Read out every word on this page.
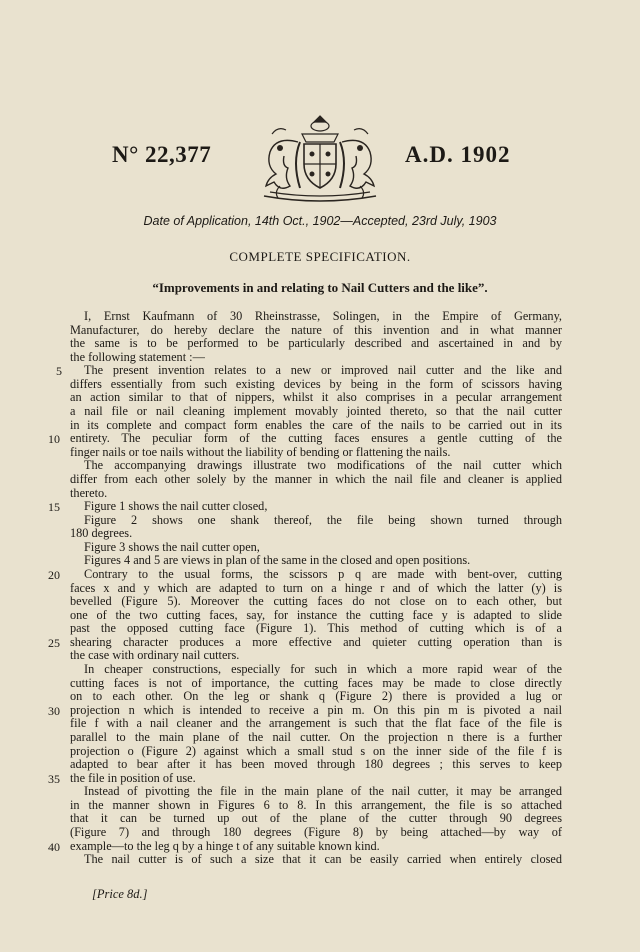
N° 22,377	A.D. 1902
Date of Application, 14th Oct., 1902—Accepted, 23rd July, 1903
COMPLETE SPECIFICATION.
“Improvements in and relating to Nail Cutters and the like”.
I, Ernst Kaufmann of 30 Rheinstrasse, Solingen, in the Empire of Germany,
Manufacturer, do hereby declare the nature of this invention and in what manner
the same is to be performed to be particularly described and ascertained in and by
the following statement :—
The present invention relates to a new or improved nail cutter and the like and
differs essentially from such existing devices by being in the form of scissors having
an action similar to that of nippers, whilst it also comprises in a pecular arrangement
a nail file or nail cleaning implement movably jointed thereto, so that the nail cutter
in its complete and compact form enables the care of the nails to be carried out in its
entirety. The peculiar form of the cutting faces ensures a gentle cutting of the
finger nails or toe nails without the liability of bending or flattening the nails.
The accompanying drawings illustrate two modifications of the nail cutter which
differ from each other solely by the manner in which the nail file and cleaner is applied
thereto.
Figure 1 shows the nail cutter closed,
Figure 2 shows one shank thereof, the file being shown turned through
180 degrees.
Figure 3 shows the nail cutter open,
Figures 4 and 5 are views in plan of the same in the closed and open positions.
Contrary to the usual forms, the scissors p q are made with bent-over, cutting
faces x and y which are adapted to turn on a hinge r and of which the latter (y) is
bevelled (Figure 5). Moreover the cutting faces do not close on to each other, but
one of the two cutting faces, say, for instance the cutting face y is adapted to slide
past the opposed cutting face (Figure 1). This method of cutting which is of a
shearing character produces a more effective and quieter cutting operation than is
the case with ordinary nail cutters.
In cheaper constructions, especially for such in which a more rapid wear of the
cutting faces is not of importance, the cutting faces may be made to close directly
on to each other. On the leg or shank q (Figure 2) there is provided a lug or
projection n which is intended to receive a pin m. On this pin m is pivoted a nail
file f with a nail cleaner and the arrangement is such that the flat face of the file is
parallel to the main plane of the nail cutter. On the projection n there is a further
projection o (Figure 2) against which a small stud s on the inner side of the file f is
adapted to bear after it has been moved through 180 degrees ; this serves to keep
the file in position of use.
Instead of pivotting the file in the main plane of the nail cutter, it may be arranged
in the manner shown in Figures 6 to 8. In this arrangement, the file is so attached
that it can be turned up out of the plane of the cutter through 90 degrees
(Figure 7) and through 180 degrees (Figure 8) by being attached—by way of
example—to the leg q by a hinge t of any suitable known kind.
The nail cutter is of such a size that it can be easily carried when entirely closed
5
10
15
20
25
30
35
40
[Price 8d.]
